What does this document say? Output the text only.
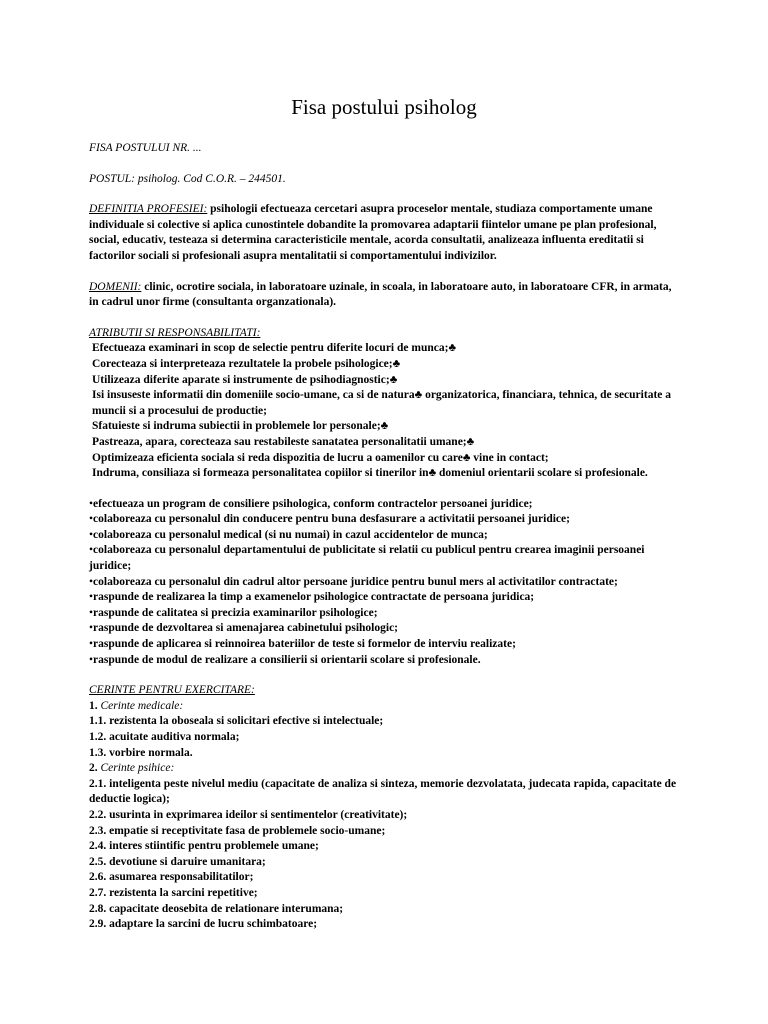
Fisa postului psiholog

FISA POSTULUI NR. ...

POSTUL: psiholog. Cod C.O.R. – 244501.

DEFINITIA PROFESIEI: psihologii efectueaza cercetari asupra proceselor mentale, studiaza comportamente umane individuale si colective si aplica cunostintele dobandite la promovarea adaptarii fiintelor umane pe plan profesional, social, educativ, testeaza si determina caracteristicile mentale, acorda consultatii, analizeaza influenta ereditatii si factorilor sociali si profesionali asupra mentalitatii si comportamentului indivizilor.

DOMENII: clinic, ocrotire sociala, in laboratoare uzinale, in scoala, in laboratoare auto, in laboratoare CFR, in armata, in cadrul unor firme (consultanta organzationala).

ATRIBUTII SI RESPONSABILITATI:

Efectueaza examinari in scop de selectie pentru diferite locuri de munca;♣

Corecteaza si interpreteaza rezultatele la probele psihologice;♣

Utilizeaza diferite aparate si instrumente de psihodiagnostic;♣

Isi insuseste informatii din domeniile socio-umane, ca si de natura♣ organizatorica, financiara, tehnica, de securitate a muncii si a procesului de productie;

Sfatuieste si indruma subiectii in problemele lor personale;♣

Pastreaza, apara, corecteaza sau restabileste sanatatea personalitatii umane;♣

Optimizeaza eficienta sociala si reda dispozitia de lucru a oamenilor cu care♣ vine in contact;

Indruma, consiliaza si formeaza personalitatea copiilor si tinerilor in♣ domeniul orientarii scolare si profesionale.

•efectueaza un program de consiliere psihologica, conform contractelor persoanei juridice;

•colaboreaza cu personalul din conducere pentru buna desfasurare a activitatii persoanei juridice;

•colaboreaza cu personalul medical (si nu numai) in cazul accidentelor de munca;

•colaboreaza cu personalul departamentului de publicitate si relatii cu publicul pentru crearea imaginii persoanei juridice;

•colaboreaza cu personalul din cadrul altor persoane juridice pentru bunul mers al activitatilor contractate;

•raspunde de realizarea la timp a examenelor psihologice contractate de persoana juridica;

•raspunde de calitatea si precizia examinarilor psihologice;

•raspunde de dezvoltarea si amenajarea cabinetului psihologic;

•raspunde de aplicarea si reinnoirea bateriilor de teste si formelor de interviu realizate;

•raspunde de modul de realizare a consilierii si orientarii scolare si profesionale.

CERINTE PENTRU EXERCITARE:

1. Cerinte medicale:

1.1. rezistenta la oboseala si solicitari efective si intelectuale;

1.2. acuitate auditiva normala;

1.3. vorbire normala.

2. Cerinte psihice:

2.1. inteligenta peste nivelul mediu (capacitate de analiza si sinteza, memorie dezvolatata, judecata rapida, capacitate de deductie logica);

2.2. usurinta in exprimarea ideilor si sentimentelor (creativitate);

2.3. empatie si receptivitate fasa de problemele socio-umane;

2.4. interes stiintific pentru problemele umane;

2.5. devotiune si daruire umanitara;

2.6. asumarea responsabilitatilor;

2.7. rezistenta la sarcini repetitive;

2.8. capacitate deosebita de relationare interumana;

2.9. adaptare la sarcini de lucru schimbatoare;
